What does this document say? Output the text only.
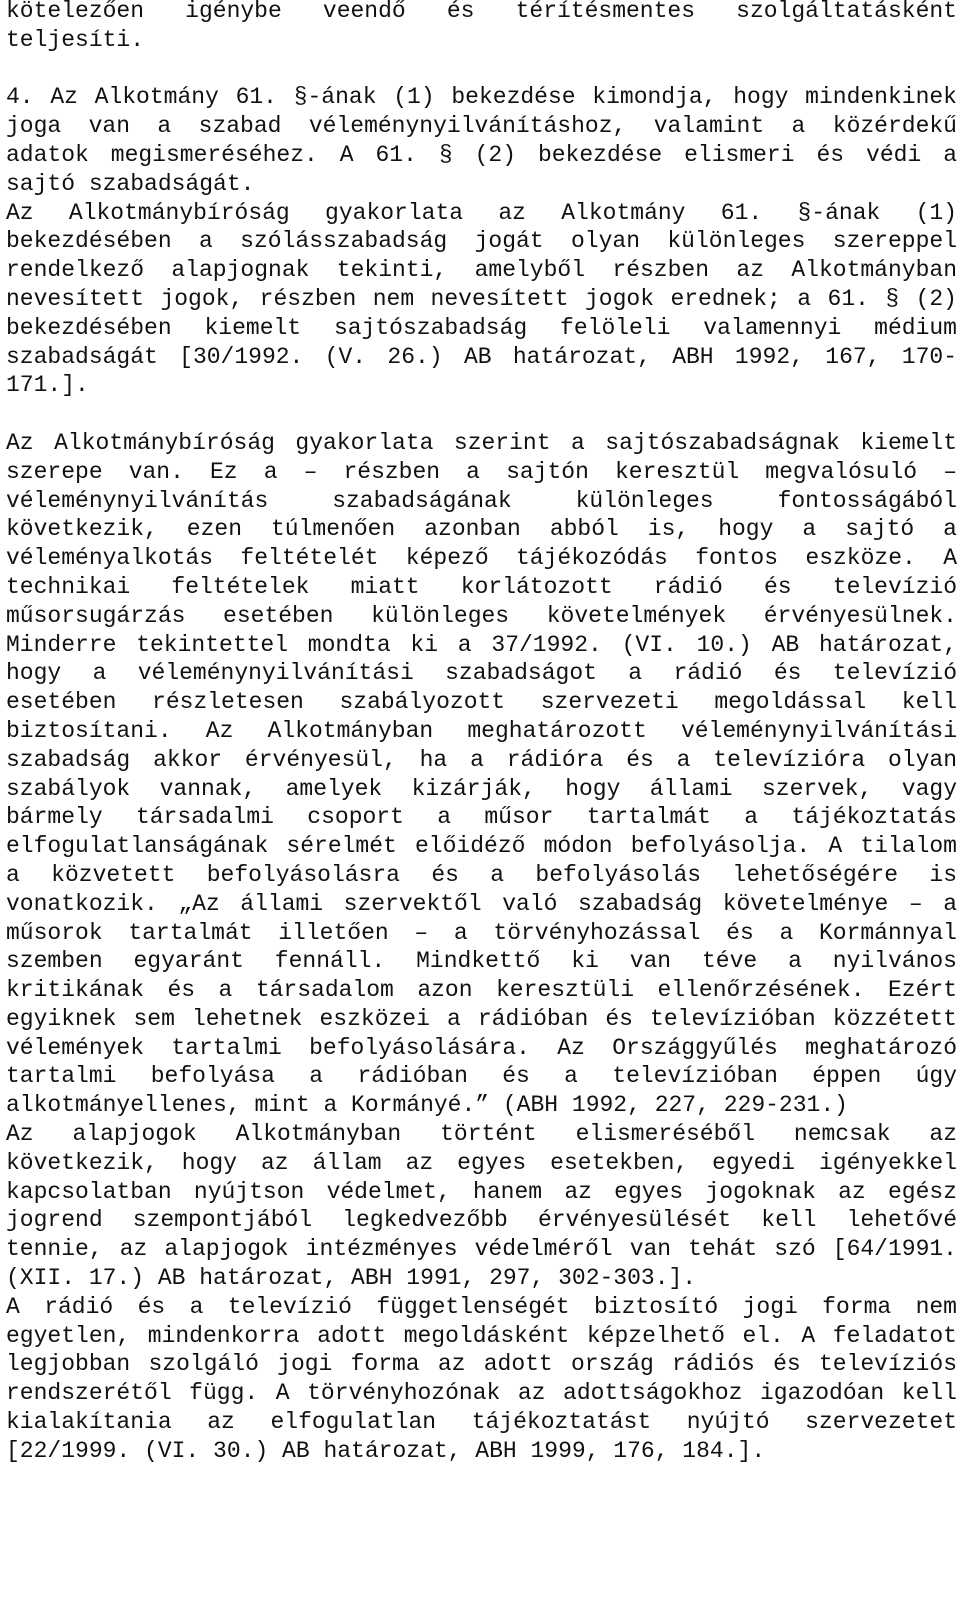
kötelezően igénybe veendő és térítésmentes szolgáltatásként teljesíti.

4. Az Alkotmány 61. §-ának (1) bekezdése kimondja, hogy mindenkinek joga van a szabad véleménynyilvánításhoz, valamint a közérdekű adatok megismeréséhez. A 61. § (2) bekezdése elismeri és védi a sajtó szabadságát.

Az Alkotmánybíróság gyakorlata az Alkotmány 61. §-ának (1) bekezdésében a szólásszabadság jogát olyan különleges szereppel rendelkező alapjognak tekinti, amelyből részben az Alkotmányban nevesített jogok, részben nem nevesített jogok erednek; a 61. § (2) bekezdésében kiemelt sajtószabadság felöleli valamennyi médium szabadságát [30/1992. (V. 26.) AB határozat, ABH 1992, 167, 170-171.].

Az Alkotmánybíróság gyakorlata szerint a sajtószabadságnak kiemelt szerepe van. Ez a – részben a sajtón keresztül megvalósuló – véleménynyilvánítás szabadságának különleges fontosságából következik, ezen túlmenően azonban abból is, hogy a sajtó a véleményalkotás feltételét képező tájékozódás fontos eszköze. A technikai feltételek miatt korlátozott rádió és televízió műsorsugárzás esetében különleges követelmények érvényesülnek. Minderre tekintettel mondta ki a 37/1992. (VI. 10.) AB határozat, hogy a véleménynyilvánítási szabadságot a rádió és televízió esetében részletesen szabályozott szervezeti megoldással kell biztosítani. Az Alkotmányban meghatározott véleménynyilvánítási szabadság akkor érvényesül, ha a rádióra és a televízióra olyan szabályok vannak, amelyek kizárják, hogy állami szervek, vagy bármely társadalmi csoport a műsor tartalmát a tájékoztatás elfogulatlanságának sérelmét előidéző módon befolyásolja. A tilalom a közvetett befolyásolásra és a befolyásolás lehetőségére is vonatkozik. „Az állami szervektől való szabadság követelménye – a műsorok tartalmát illetően – a törvényhozással és a Kormánnyal szemben egyaránt fennáll. Mindkettő ki van téve a nyilvános kritikának és a társadalom azon keresztüli ellenőrzésének. Ezért egyiknek sem lehetnek eszközei a rádióban és televízióban közzétett vélemények tartalmi befolyásolására. Az Országgyűlés meghatározó tartalmi befolyása a rádióban és a televízióban éppen úgy alkotmányellenes, mint a Kormányé.” (ABH 1992, 227, 229-231.)

Az alapjogok Alkotmányban történt elismeréséből nemcsak az következik, hogy az állam az egyes esetekben, egyedi igényekkel kapcsolatban nyújtson védelmet, hanem az egyes jogoknak az egész jogrend szempontjából legkedvezőbb érvényesülését kell lehetővé tennie, az alapjogok intézményes védelméről van tehát szó [64/1991. (XII. 17.) AB határozat, ABH 1991, 297, 302-303.].

A rádió és a televízió függetlenségét biztosító jogi forma nem egyetlen, mindenkorra adott megoldásként képzelhető el. A feladatot legjobban szolgáló jogi forma az adott ország rádiós és televíziós rendszerétől függ. A törvényhozónak az adottságokhoz igazodóan kell kialakítania az elfogulatlan tájékoztatást nyújtó szervezetet [22/1999. (VI. 30.) AB határozat, ABH 1999, 176, 184.].
